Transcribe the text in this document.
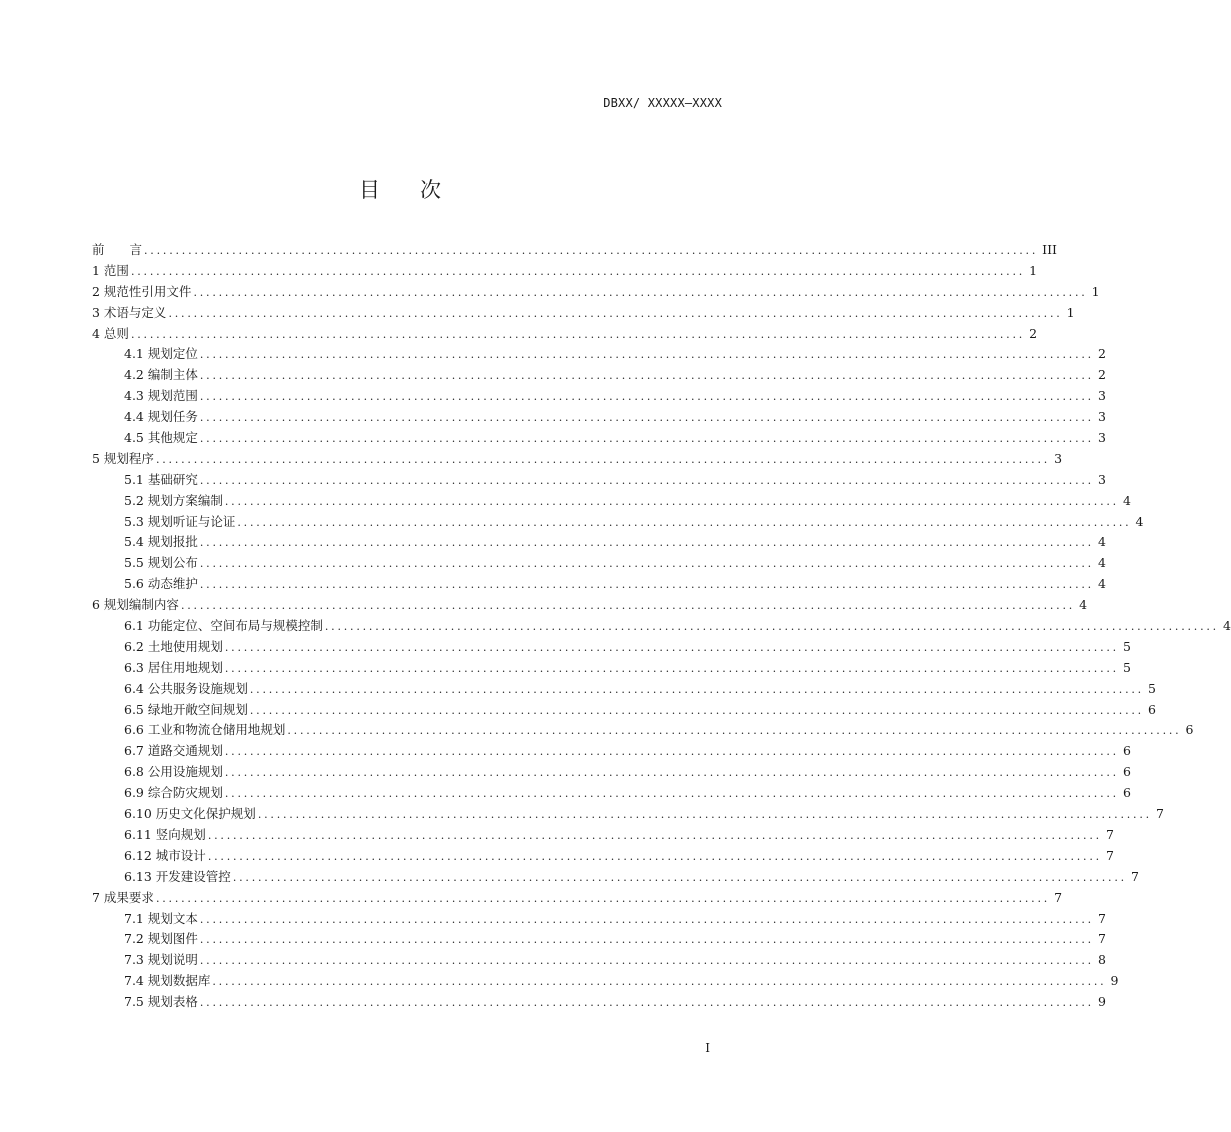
DBXX/ XXXXX—XXXX
目 次
前　　言 .............................................................................................................................................. III
1 范围 .............................................................................................................................................. 1
2 规范性引用文件 .............................................................................................................................................. 1
3 术语与定义 .............................................................................................................................................. 1
4 总则 .............................................................................................................................................. 2
4.1 规划定位 .............................................................................................................................................. 2
4.2 编制主体 .............................................................................................................................................. 2
4.3 规划范围 .............................................................................................................................................. 3
4.4 规划任务 .............................................................................................................................................. 3
4.5 其他规定 .............................................................................................................................................. 3
5 规划程序 .............................................................................................................................................. 3
5.1 基础研究 .............................................................................................................................................. 3
5.2 规划方案编制 .............................................................................................................................................. 4
5.3 规划听证与论证 .............................................................................................................................................. 4
5.4 规划报批 .............................................................................................................................................. 4
5.5 规划公布 .............................................................................................................................................. 4
5.6 动态维护 .............................................................................................................................................. 4
6 规划编制内容 .............................................................................................................................................. 4
6.1 功能定位、空间布局与规模控制 .............................................................................................................................................. 4
6.2 土地使用规划 .............................................................................................................................................. 5
6.3 居住用地规划 .............................................................................................................................................. 5
6.4 公共服务设施规划 .............................................................................................................................................. 5
6.5 绿地开敞空间规划 .............................................................................................................................................. 6
6.6 工业和物流仓储用地规划 .............................................................................................................................................. 6
6.7 道路交通规划 .............................................................................................................................................. 6
6.8 公用设施规划 .............................................................................................................................................. 6
6.9 综合防灾规划 .............................................................................................................................................. 6
6.10 历史文化保护规划 .............................................................................................................................................. 7
6.11 竖向规划 .............................................................................................................................................. 7
6.12 城市设计 .............................................................................................................................................. 7
6.13 开发建设管控 .............................................................................................................................................. 7
7 成果要求 .............................................................................................................................................. 7
7.1 规划文本 .............................................................................................................................................. 7
7.2 规划图件 .............................................................................................................................................. 7
7.3 规划说明 .............................................................................................................................................. 8
7.4 规划数据库 .............................................................................................................................................. 9
7.5 规划表格 .............................................................................................................................................. 9
I
